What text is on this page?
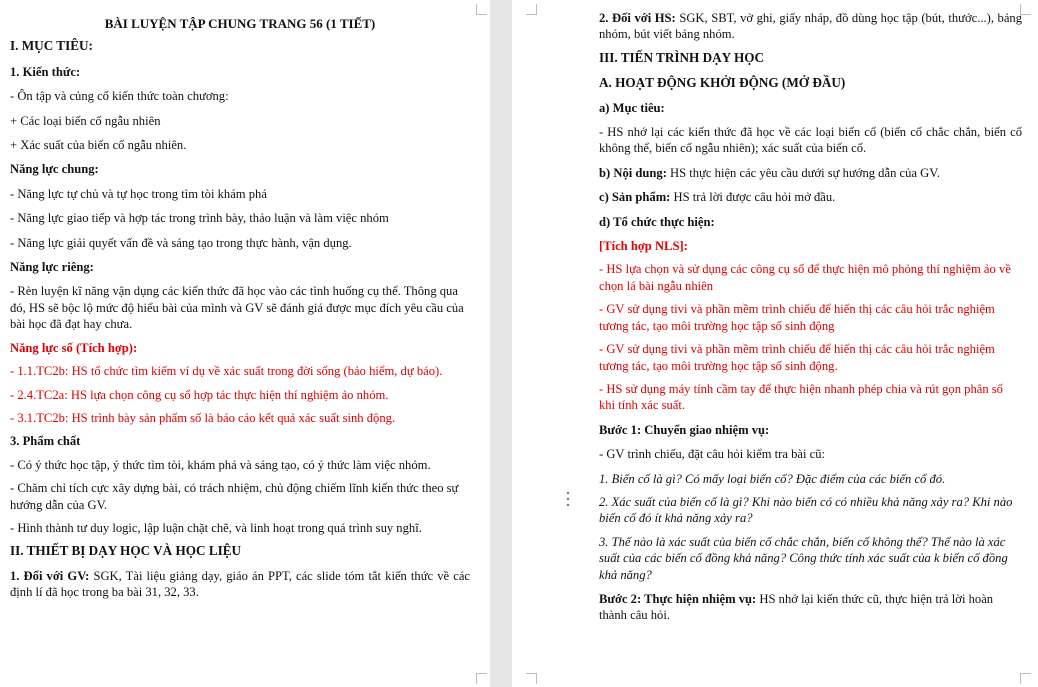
BÀI LUYỆN TẬP CHUNG TRANG 56 (1 TIẾT)

I. MỤC TIÊU:

1. Kiến thức:

- Ôn tập và củng cố kiến thức toàn chương:

+ Các loại biến cố ngẫu nhiên

+ Xác suất của biến cố ngẫu nhiên.

Năng lực chung:

- Năng lực tự chủ và tự học trong tìm tòi khám phá

- Năng lực giao tiếp và hợp tác trong trình bày, thảo luận và làm việc nhóm

- Năng lực giải quyết vấn đề và sáng tạo trong thực hành, vận dụng.

Năng lực riêng:

- Rèn luyện kĩ năng vận dụng các kiến thức đã học vào các tình huống cụ thể. Thông qua đó, HS sẽ bộc lộ mức độ hiểu bài của mình và GV sẽ đánh giá được mục đích yêu cầu của bài học đã đạt hay chưa.

Năng lực số (Tích hợp):

- 1.1.TC2b: HS tổ chức tìm kiếm ví dụ về xác suất trong đời sống (bảo hiểm, dự báo).

- 2.4.TC2a: HS lựa chọn công cụ số hợp tác thực hiện thí nghiệm ảo nhóm.

- 3.1.TC2b: HS trình bày sản phẩm số là báo cáo kết quả xác suất sinh động.

3. Phẩm chất

- Có ý thức học tập, ý thức tìm tòi, khám phá và sáng tạo, có ý thức làm việc nhóm.

- Chăm chỉ tích cực xây dựng bài, có trách nhiệm, chủ động chiếm lĩnh kiến thức theo sự hướng dẫn của GV.

- Hình thành tư duy logic, lập luận chặt chẽ, và linh hoạt trong quá trình suy nghĩ.

II. THIẾT BỊ DẠY HỌC VÀ HỌC LIỆU

1. Đối với GV: SGK, Tài liệu giảng dạy, giáo án PPT, các slide tóm tắt kiến thức về các định lí đã học trong ba bài 31, 32, 33.

2. Đối với HS: SGK, SBT, vở ghi, giấy nháp, đồ dùng học tập (bút, thước...), bảng nhóm, bút viết bảng nhóm.

III. TIẾN TRÌNH DẠY HỌC

A. HOẠT ĐỘNG KHỞI ĐỘNG (MỞ ĐẦU)

a) Mục tiêu:

- HS nhớ lại các kiến thức đã học về các loại biến cố (biến cố chắc chắn, biến cố không thể, biến cố ngẫu nhiên); xác suất của biến cố.

b) Nội dung: HS thực hiện các yêu cầu dưới sự hướng dẫn của GV.

c) Sản phẩm: HS trả lời được câu hỏi mở đầu.

d) Tổ chức thực hiện:

[Tích hợp NLS]:

- HS lựa chọn và sử dụng các công cụ số để thực hiện mô phỏng thí nghiệm ảo về chọn lá bài ngẫu nhiên

- GV sử dụng tivi và phần mềm trình chiếu để hiển thị các câu hỏi trắc nghiệm tương tác, tạo môi trường học tập số sinh động

- GV sử dụng tivi và phần mềm trình chiếu để hiển thị các câu hỏi trắc nghiệm tương tác, tạo môi trường học tập số sinh động.

- HS sử dụng máy tính cầm tay để thực hiện nhanh phép chia và rút gọn phân số khi tính xác suất.

Bước 1: Chuyển giao nhiệm vụ:

- GV trình chiếu, đặt câu hỏi kiểm tra bài cũ:

1. Biến cố là gì? Có mấy loại biến cố? Đặc điểm của các biến cố đó.

2. Xác suất của biến cố là gì? Khi nào biến có có nhiều khả năng xảy ra? Khi nào biến cố đó ít khả năng xảy ra?

3. Thế nào là xác suất của biến cố chắc chắn, biến cố không thể? Thế nào là xác suất của các biến cố đồng khả năng? Công thức tính xác suất của k biến cố đồng khả năng?

Bước 2: Thực hiện nhiệm vụ: HS nhớ lại kiến thức cũ, thực hiện trả lời hoàn thành câu hỏi.
